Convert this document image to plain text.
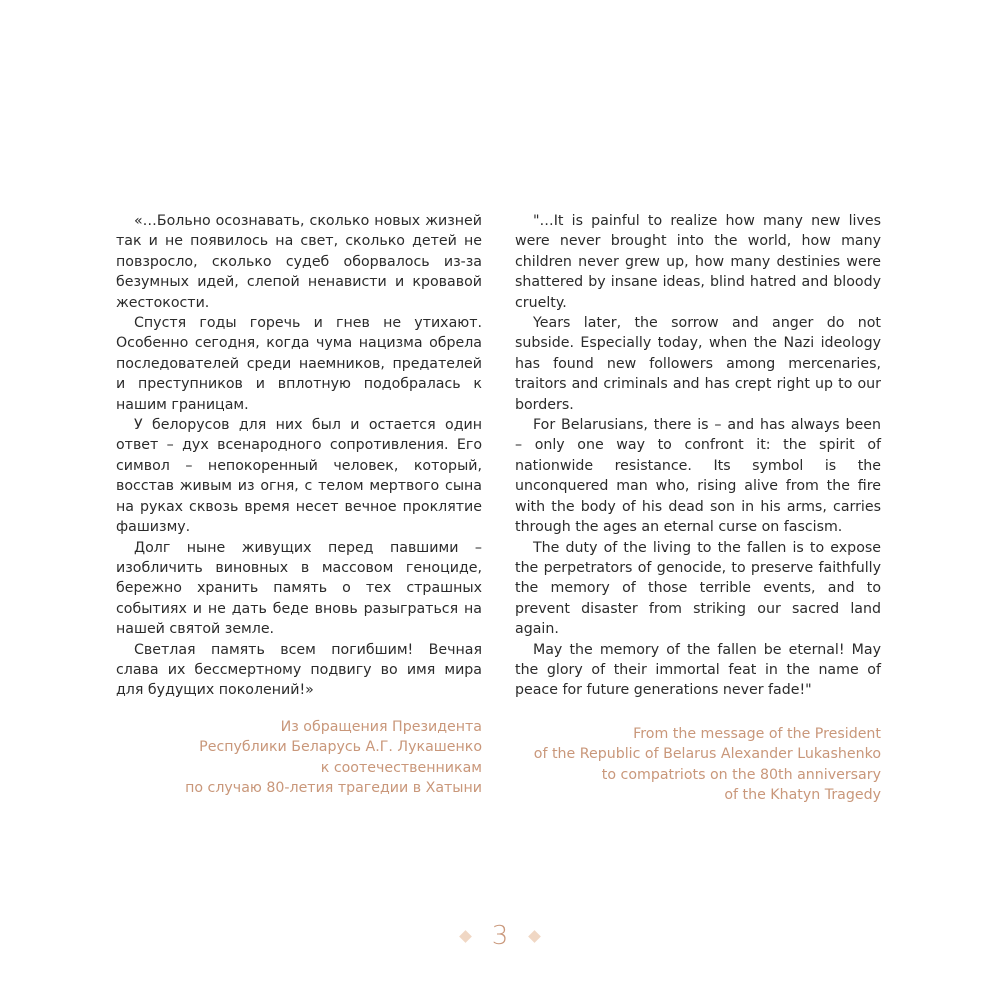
«…Больно осознавать, сколько новых жизней так и не появилось на свет, сколько детей не повзросло, сколько судеб оборвалось из-за безумных идей, слепой ненависти и кровавой жестокости.

Спустя годы горечь и гнев не утихают. Особенно сегодня, когда чума нацизма обрела последователей среди наемников, предателей и преступников и вплотную подобралась к нашим границам.

У белорусов для них был и остается один ответ – дух всенародного сопротивления. Его символ – непокоренный человек, который, восстав живым из огня, с телом мертвого сына на руках сквозь время несет вечное проклятие фашизму.

Долг ныне живущих перед павшими – изобличить виновных в массовом геноциде, бережно хранить память о тех страшных событиях и не дать беде вновь разыграться на нашей святой земле.

Светлая память всем погибшим! Вечная слава их бессмертному подвигу во имя мира для будущих поколений!»

Из обращения Президента
Республики Беларусь А.Г. Лукашенко
к соотечественникам
по случаю 80-летия трагедии в Хатыни

"…It is painful to realize how many new lives were never brought into the world, how many children never grew up, how many destinies were shattered by insane ideas, blind hatred and bloody cruelty.

Years later, the sorrow and anger do not subside. Especially today, when the Nazi ideology has found new followers among mercenaries, traitors and criminals and has crept right up to our borders.

For Belarusians, there is – and has always been – only one way to confront it: the spirit of nationwide resistance. Its symbol is the unconquered man who, rising alive from the fire with the body of his dead son in his arms, carries through the ages an eternal curse on fascism.

The duty of the living to the fallen is to expose the perpetrators of genocide, to preserve faithfully the memory of those terrible events, and to prevent disaster from striking our sacred land again.

May the memory of the fallen be eternal! May the glory of their immortal feat in the name of peace for future generations never fade!"

From the message of the President
of the Republic of Belarus Alexander Lukashenko
to compatriots on the 80th anniversary
of the Khatyn Tragedy
3
